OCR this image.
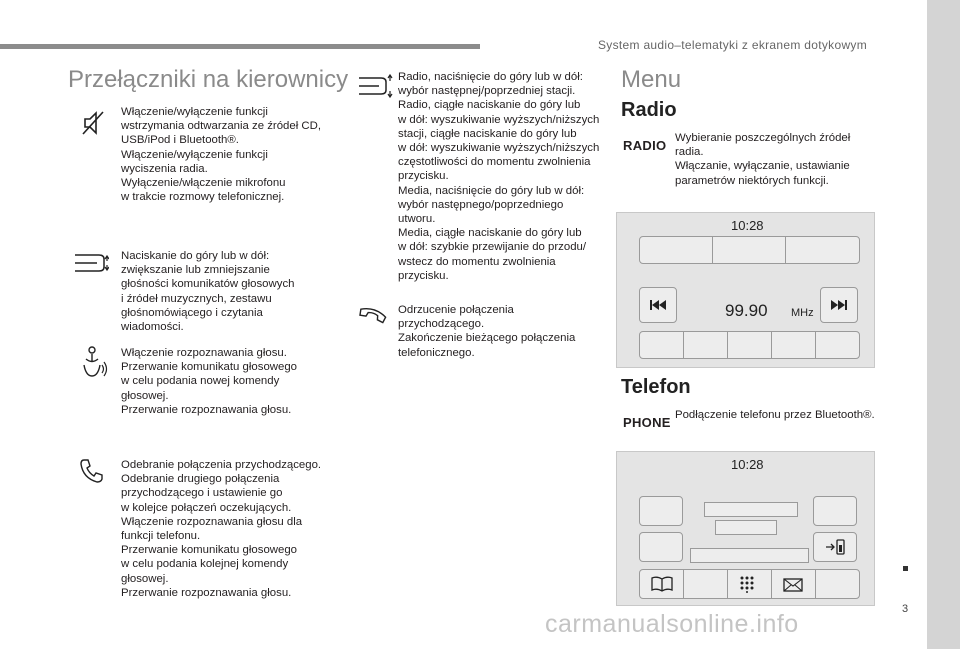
System audio–telematyki z ekranem dotykowym
3
carmanualsonline.info
Przełączniki na kierownicy
Włączenie/wyłączenie funkcji
wstrzymania odtwarzania ze źródeł CD,
USB/iPod i Bluetooth®.
Włączenie/wyłączenie funkcji
wyciszenia radia.
Wyłączenie/włączenie mikrofonu
w trakcie rozmowy telefonicznej.
Naciskanie do góry lub w dół:
zwiększanie lub zmniejszanie
głośności komunikatów głosowych
i źródeł muzycznych, zestawu
głośnomówiącego i czytania
wiadomości.
Włączenie rozpoznawania głosu.
Przerwanie komunikatu głosowego
w celu podania nowej komendy
głosowej.
Przerwanie rozpoznawania głosu.
Odebranie połączenia przychodzącego.
Odebranie drugiego połączenia
przychodzącego i ustawienie go
w kolejce połączeń oczekujących.
Włączenie rozpoznawania głosu dla
funkcji telefonu.
Przerwanie komunikatu głosowego
w celu podania kolejnej komendy
głosowej.
Przerwanie rozpoznawania głosu.
Radio, naciśnięcie do góry lub w dół:
wybór następnej/poprzedniej stacji.
Radio, ciągłe naciskanie do góry lub
w dół: wyszukiwanie wyższych/niższych
stacji, ciągłe naciskanie do góry lub
w dół: wyszukiwanie wyższych/niższych
częstotliwości do momentu zwolnienia
przycisku.
Media, naciśnięcie do góry lub w dół:
wybór następnego/poprzedniego
utworu.
Media, ciągłe naciskanie do góry lub
w dół: szybkie przewijanie do przodu/
wstecz do momentu zwolnienia
przycisku.
Odrzucenie połączenia
przychodzącego.
Zakończenie bieżącego połączenia
telefonicznego.
Menu
Radio
RADIO Wybieranie poszczególnych źródeł
radia.
Włączanie, wyłączanie, ustawianie
parametrów niektórych funkcji.
10:28
99.90 MHz
Telefon
PHONE Podłączenie telefonu przez Bluetooth®.
10:28
